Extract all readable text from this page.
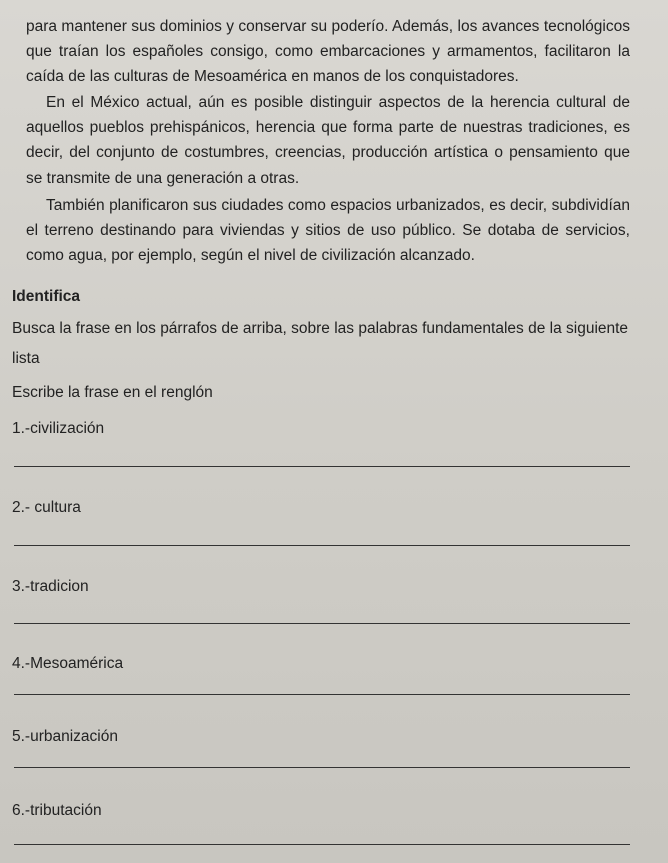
para mantener sus dominios y conservar su poderío. Además, los avances tecnológicos que traían los españoles consigo, como embarcaciones y armamentos, facilitaron la caída de las culturas de Mesoamérica en manos de los conquistadores.

En el México actual, aún es posible distinguir aspectos de la herencia cultural de aquellos pueblos prehispánicos, herencia que forma parte de nuestras tradiciones, es decir, del conjunto de costumbres, creencias, producción artística o pensamiento que se transmite de una generación a otras.

También planificaron sus ciudades como espacios urbanizados, es decir, subdividían el terreno destinando para viviendas y sitios de uso público. Se dotaba de servicios, como agua, por ejemplo, según el nivel de civilización alcanzado.

Identifica

Busca la frase en los párrafos de arriba, sobre las palabras fundamentales de la siguiente lista

Escribe la frase en el renglón

1.-civilización
2.- cultura
3.-tradicion
4.-Mesoamérica
5.-urbanización
6.-tributación
